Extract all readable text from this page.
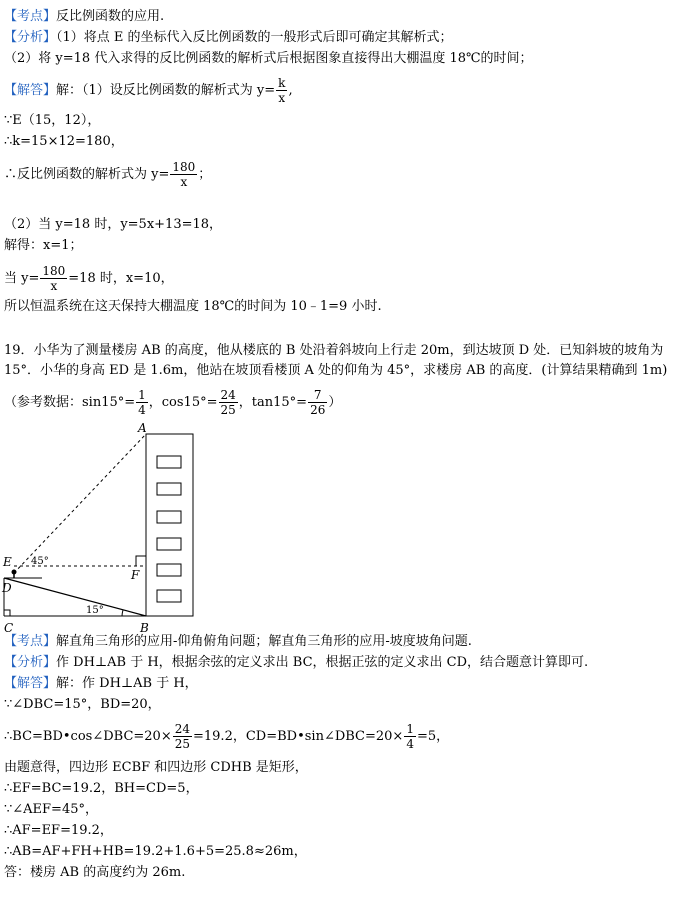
【考点】反比例函数的应用.
【分析】（1）将点 E 的坐标代入反比例函数的一般形式后即可确定其解析式；
（2）将 y=18 代入求得的反比例函数的解析式后根据图象直接得出大棚温度 18℃的时间；
【解答】解：（1）设反比例函数的解析式为 $y= \frac{k}{x}$ ,
∵E（15，12），
∴k=15×12=180，
∴反比例函数的解析式为 $y= \frac{180}{x}$ ；
（2）当 y=18 时，y=5x+13=18，
解得：x=1；
当 $y= \frac{180}{x} =18$ 时，x=10，
所以恒温系统在这天保持大棚温度 18℃的时间为 10﹣1=9 小时.
19．小华为了测量楼房 AB 的高度，他从楼底的 B 处沿着斜坡向上行走 20m，到达坡顶 D 处．已知斜坡的坡角为
15°．小华的身高 ED 是 1.6m，他站在坡顶看楼顶 A 处的仰角为 45°，求楼房 AB 的高度．(计算结果精确到 1m)
（参考数据：$\sin 15^\circ= \frac{1}{4}$ ，$\cos 15^\circ= \frac{24}{25}$ ，$\tan 15^\circ= \frac{7}{26}$ ）
A
E
D
C	B
F
45°
15°
【考点】解直角三角形的应用-仰角俯角问题；解直角三角形的应用-坡度坡角问题.
【分析】作 DH⊥AB 于 H，根据余弦的定义求出 BC，根据正弦的定义求出 CD，结合题意计算即可.
【解答】解：作 DH⊥AB 于 H，
∵∠DBC=15°，BD=20，
∴BC=BD•cos∠DBC=20× $\frac{24}{25} =19.2$，CD=BD•sin∠DBC=20× $\frac{1}{4} =5$，
由题意得，四边形 ECBF 和四边形 CDHB 是矩形，
∴EF=BC=19.2，BH=CD=5，
∵∠AEF=45°，
∴AF=EF=19.2，
∴AB=AF+FH+HB=19.2+1.6+5=25.8≈26m，
答：楼房 AB 的高度约为 26m.
